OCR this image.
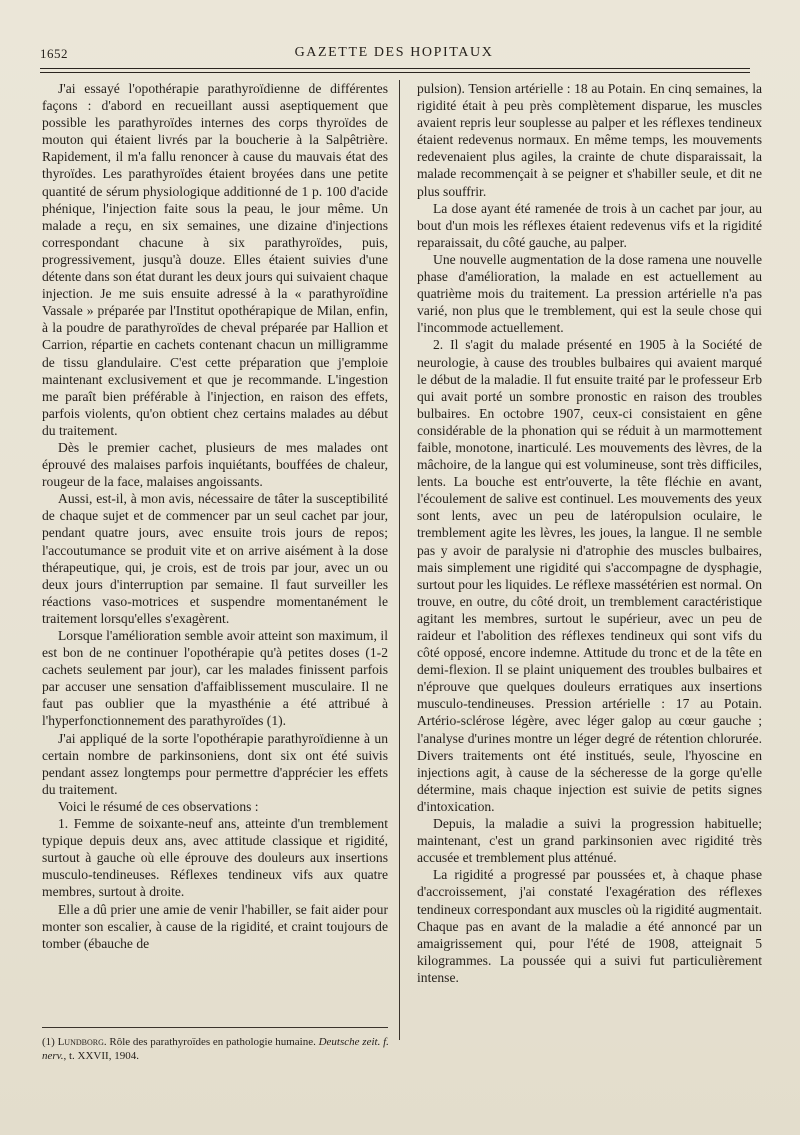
1652	GAZETTE DES HOPITAUX

J'ai essayé l'opothérapie parathyroïdienne de différentes façons : d'abord en recueillant aussi aseptiquement que possible les parathyroïdes internes des corps thyroïdes de mouton qui étaient livrés par la boucherie à la Salpêtrière. Rapidement, il m'a fallu renoncer à cause du mauvais état des thyroïdes. Les parathyroïdes étaient broyées dans une petite quantité de sérum physiologique additionné de 1 p. 100 d'acide phénique, l'injection faite sous la peau, le jour même. Un malade a reçu, en six semaines, une dizaine d'injections correspondant chacune à six parathyroïdes, puis, progressivement, jusqu'à douze. Elles étaient suivies d'une détente dans son état durant les deux jours qui suivaient chaque injection. Je me suis ensuite adressé à la « parathyroïdine Vassale » préparée par l'Institut opothérapique de Milan, enfin, à la poudre de parathyroïdes de cheval préparée par Hallion et Carrion, répartie en cachets contenant chacun un milligramme de tissu glandulaire. C'est cette préparation que j'emploie maintenant exclusivement et que je recommande. L'ingestion me paraît bien préférable à l'injection, en raison des effets, parfois violents, qu'on obtient chez certains malades au début du traitement.

Dès le premier cachet, plusieurs de mes malades ont éprouvé des malaises parfois inquiétants, bouffées de chaleur, rougeur de la face, malaises angoissants.

Aussi, est-il, à mon avis, nécessaire de tâter la susceptibilité de chaque sujet et de commencer par un seul cachet par jour, pendant quatre jours, avec ensuite trois jours de repos; l'accoutumance se produit vite et on arrive aisément à la dose thérapeutique, qui, je crois, est de trois par jour, avec un ou deux jours d'interruption par semaine. Il faut surveiller les réactions vaso-motrices et suspendre momentanément le traitement lorsqu'elles s'exagèrent.

Lorsque l'amélioration semble avoir atteint son maximum, il est bon de ne continuer l'opothérapie qu'à petites doses (1-2 cachets seulement par jour), car les malades finissent parfois par accuser une sensation d'affaiblissement musculaire. Il ne faut pas oublier que la myasthénie a été attribué à l'hyperfonctionnement des parathyroïdes (1).

J'ai appliqué de la sorte l'opothérapie parathyroïdienne à un certain nombre de parkinsoniens, dont six ont été suivis pendant assez longtemps pour permettre d'apprécier les effets du traitement.

Voici le résumé de ces observations :

1. Femme de soixante-neuf ans, atteinte d'un tremblement typique depuis deux ans, avec attitude classique et rigidité, surtout à gauche où elle éprouve des douleurs aux insertions musculo-tendineuses. Réflexes tendineux vifs aux quatre membres, surtout à droite.

Elle a dû prier une amie de venir l'habiller, se fait aider pour monter son escalier, à cause de la rigidité, et craint toujours de tomber (ébauche de

pulsion). Tension artérielle : 18 au Potain. En cinq semaines, la rigidité était à peu près complètement disparue, les muscles avaient repris leur souplesse au palper et les réflexes tendineux étaient redevenus normaux. En même temps, les mouvements redevenaient plus agiles, la crainte de chute disparaissait, la malade recommençait à se peigner et s'habiller seule, et dit ne plus souffrir.

La dose ayant été ramenée de trois à un cachet par jour, au bout d'un mois les réflexes étaient redevenus vifs et la rigidité reparaissait, du côté gauche, au palper.

Une nouvelle augmentation de la dose ramena une nouvelle phase d'amélioration, la malade en est actuellement au quatrième mois du traitement. La pression artérielle n'a pas varié, non plus que le tremblement, qui est la seule chose qui l'incommode actuellement.

2. Il s'agit du malade présenté en 1905 à la Société de neurologie, à cause des troubles bulbaires qui avaient marqué le début de la maladie. Il fut ensuite traité par le professeur Erb qui avait porté un sombre pronostic en raison des troubles bulbaires. En octobre 1907, ceux-ci consistaient en gêne considérable de la phonation qui se réduit à un marmottement faible, monotone, inarticulé. Les mouvements des lèvres, de la mâchoire, de la langue qui est volumineuse, sont très difficiles, lents. La bouche est entr'ouverte, la tête fléchie en avant, l'écoulement de salive est continuel. Les mouvements des yeux sont lents, avec un peu de latéropulsion oculaire, le tremblement agite les lèvres, les joues, la langue. Il ne semble pas y avoir de paralysie ni d'atrophie des muscles bulbaires, mais simplement une rigidité qui s'accompagne de dysphagie, surtout pour les liquides. Le réflexe massétérien est normal. On trouve, en outre, du côté droit, un tremblement caractéristique agitant les membres, surtout le supérieur, avec un peu de raideur et l'abolition des réflexes tendineux qui sont vifs du côté opposé, encore indemne. Attitude du tronc et de la tête en demi-flexion. Il se plaint uniquement des troubles bulbaires et n'éprouve que quelques douleurs erratiques aux insertions musculo-tendineuses. Pression artérielle : 17 au Potain. Artério-sclérose légère, avec léger galop au cœur gauche ; l'analyse d'urines montre un léger degré de rétention chlorurée. Divers traitements ont été institués, seule, l'hyoscine en injections agit, à cause de la sécheresse de la gorge qu'elle détermine, mais chaque injection est suivie de petits signes d'intoxication.

Depuis, la maladie a suivi la progression habituelle; maintenant, c'est un grand parkinsonien avec rigidité très accusée et tremblement plus atténué.

La rigidité a progressé par poussées et, à chaque phase d'accroissement, j'ai constaté l'exagération des réflexes tendineux correspondant aux muscles où la rigidité augmentait. Chaque pas en avant de la maladie a été annoncé par un amaigrissement qui, pour l'été de 1908, atteignait 5 kilogrammes. La poussée qui a suivi fut particulièrement intense.

(1) Lundborg. Rôle des parathyroïdes en pathologie humaine. Deutsche zeit. f. nerv., t. XXVII, 1904.
